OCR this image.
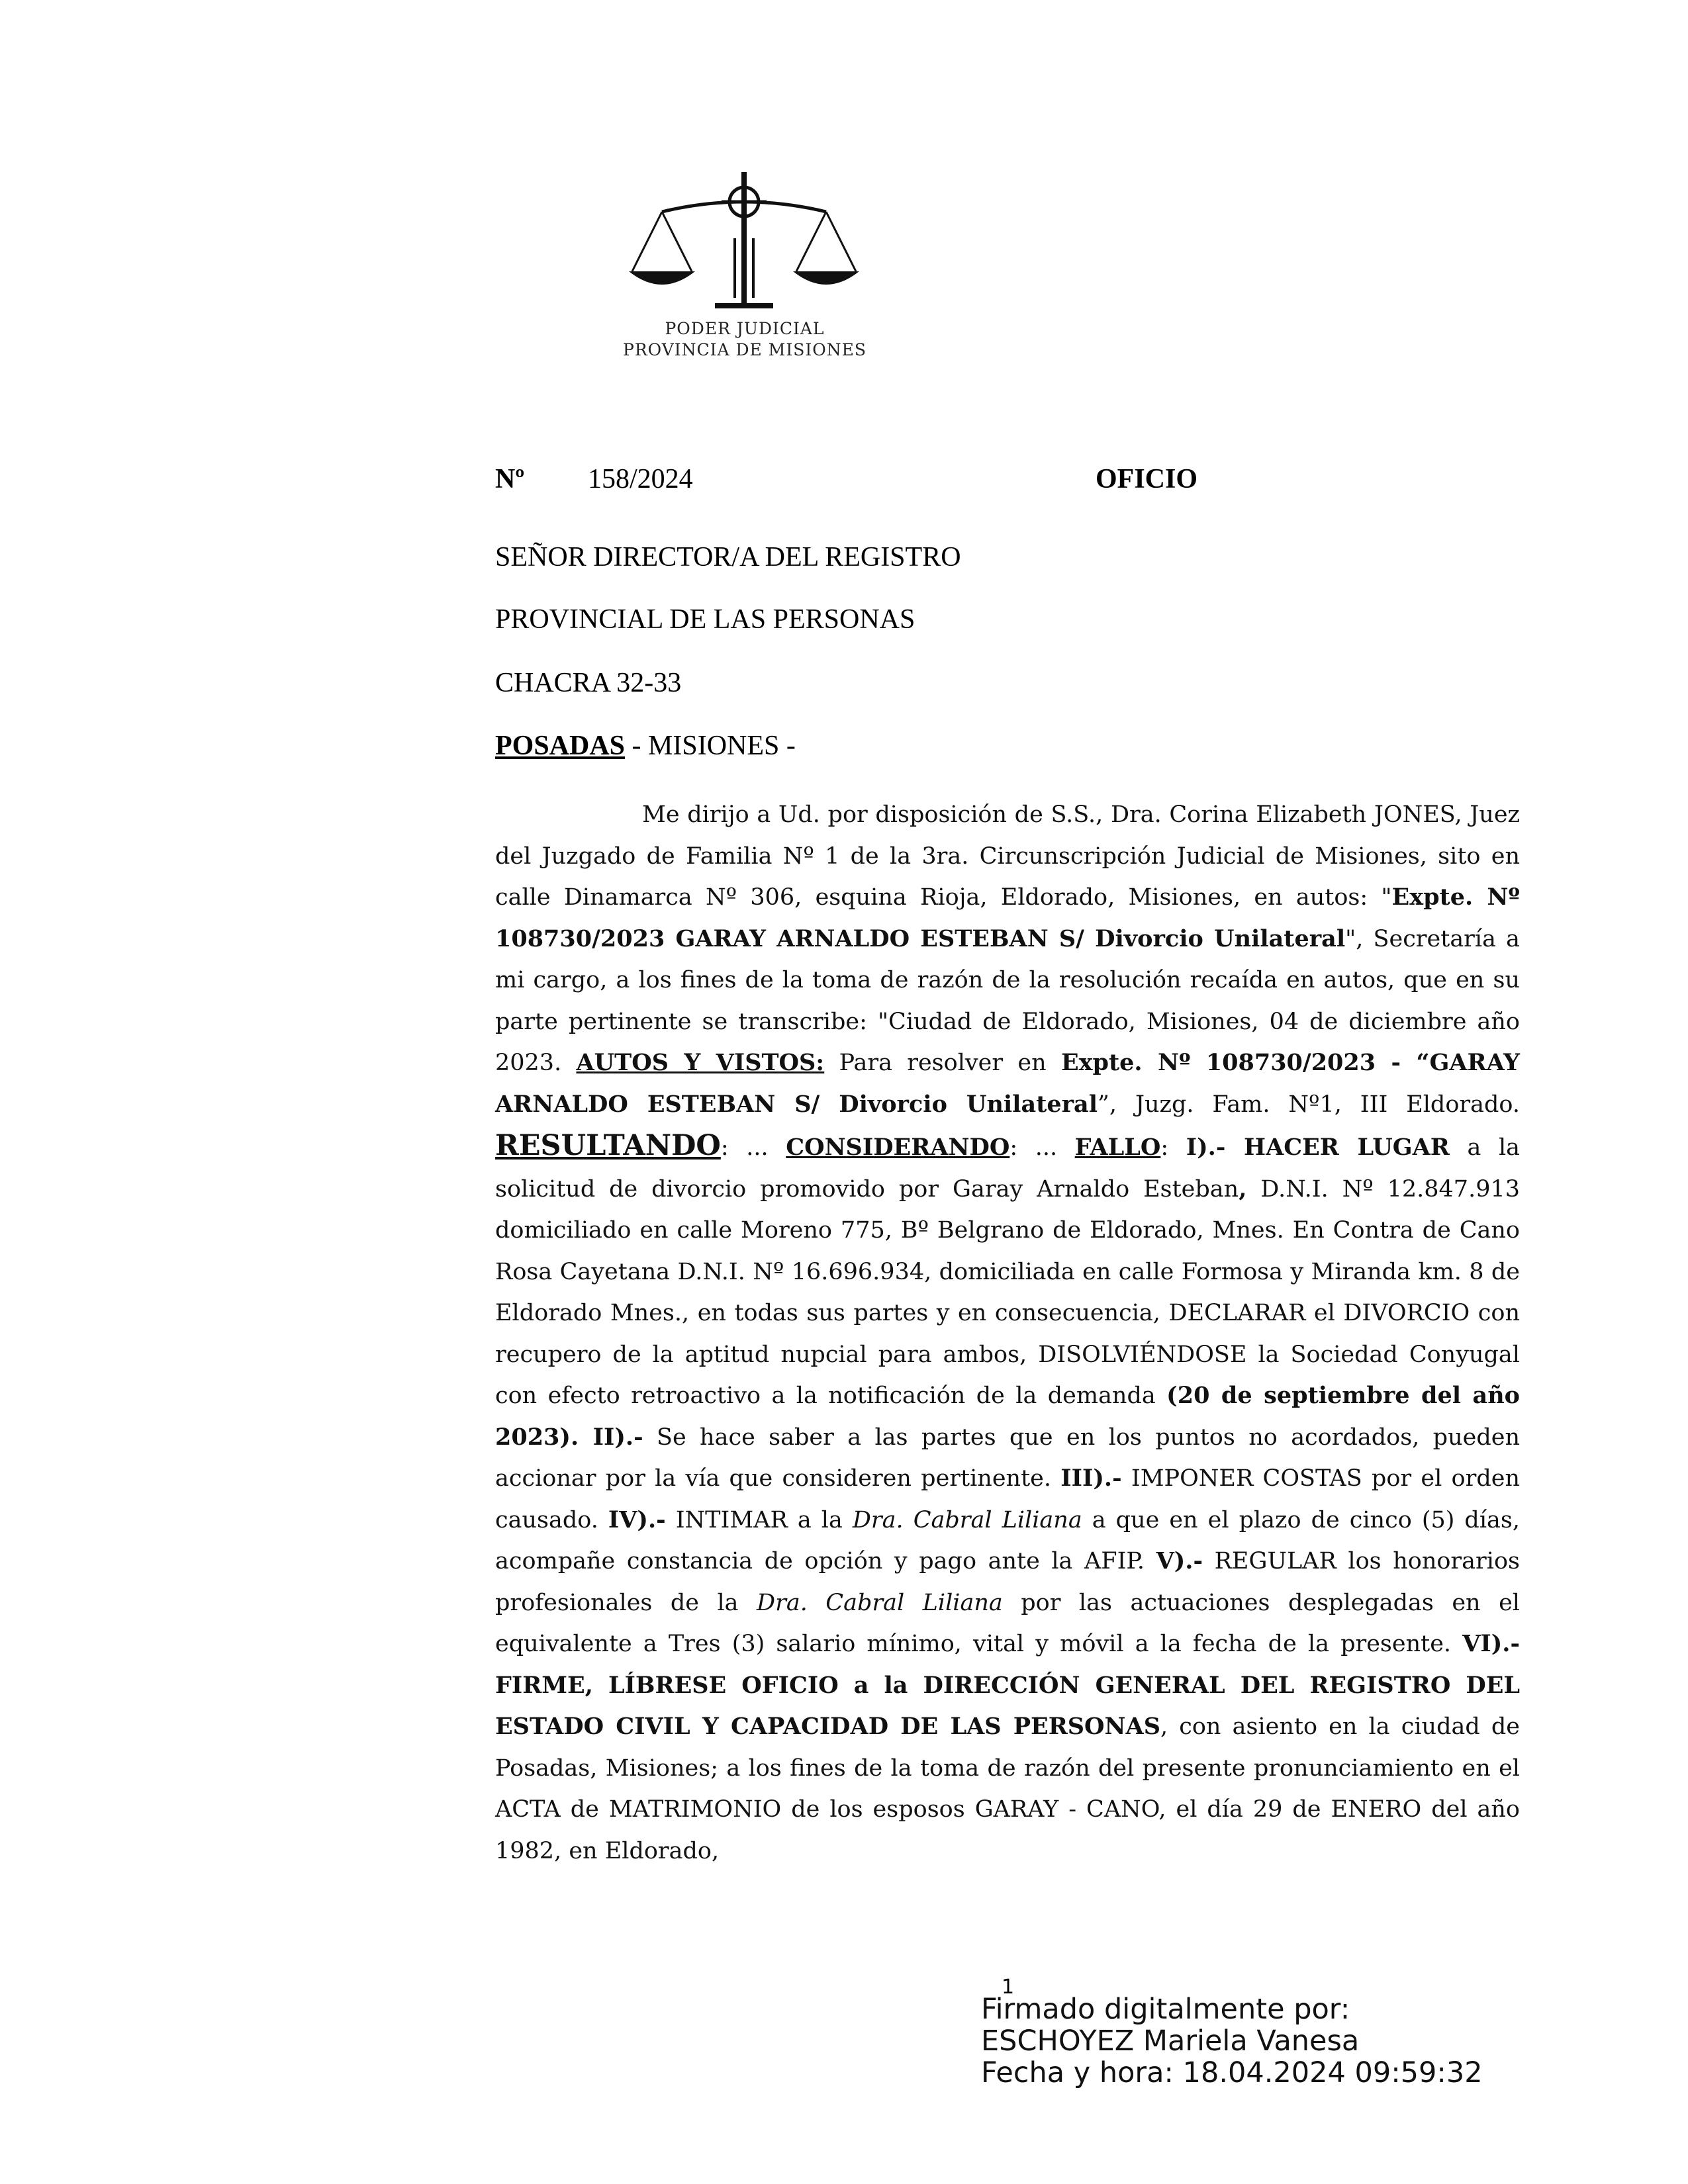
PODER JUDICIAL
PROVINCIA DE MISIONES
Nº 158/2024	OFICIO
SEÑOR DIRECTOR/A DEL REGISTRO
PROVINCIAL DE LAS PERSONAS
CHACRA 32-33
POSADAS - MISIONES -
Me dirijo a Ud. por disposición de S.S., Dra. Corina Elizabeth JONES, Juez del Juzgado de Familia Nº 1 de la 3ra. Circunscripción Judicial de Misiones, sito en calle Dinamarca Nº 306, esquina Rioja, Eldorado, Misiones, en autos: "Expte. Nº 108730/2023 GARAY ARNALDO ESTEBAN S/ Divorcio Unilateral", Secretaría a mi cargo, a los fines de la toma de razón de la resolución recaída en autos, que en su parte pertinente se transcribe: "Ciudad de Eldorado, Misiones, 04 de diciembre año 2023. AUTOS Y VISTOS: Para resolver en Expte. Nº 108730/2023 - “GARAY ARNALDO ESTEBAN S/ Divorcio Unilateral”, Juzg. Fam. Nº1, III Eldorado. RESULTANDO: ... CONSIDERANDO: ... FALLO: I).- HACER LUGAR a la solicitud de divorcio promovido por Garay Arnaldo Esteban, D.N.I. Nº 12.847.913 domiciliado en calle Moreno 775, Bº Belgrano de Eldorado, Mnes. En Contra de Cano Rosa Cayetana D.N.I. Nº 16.696.934, domiciliada en calle Formosa y Miranda km. 8 de Eldorado Mnes., en todas sus partes y en consecuencia, DECLARAR el DIVORCIO con recupero de la aptitud nupcial para ambos, DISOLVIÉNDOSE la Sociedad Conyugal con efecto retroactivo a la notificación de la demanda (20 de septiembre del año 2023). II).- Se hace saber a las partes que en los puntos no acordados, pueden accionar por la vía que consideren pertinente. III).- IMPONER COSTAS por el orden causado. IV).- INTIMAR a la Dra. Cabral Liliana a que en el plazo de cinco (5) días, acompañe constancia de opción y pago ante la AFIP. V).- REGULAR los honorarios profesionales de la Dra. Cabral Liliana por las actuaciones desplegadas en el equivalente a Tres (3) salario mínimo, vital y móvil a la fecha de la presente. VI).- FIRME, LÍBRESE OFICIO a la DIRECCIÓN GENERAL DEL REGISTRO DEL ESTADO CIVIL Y CAPACIDAD DE LAS PERSONAS, con asiento en la ciudad de Posadas, Misiones; a los fines de la toma de razón del presente pronunciamiento en el ACTA de MATRIMONIO de los esposos GARAY - CANO, el día 29 de ENERO del año 1982, en Eldorado,
1
Firmado digitalmente por:
ESCHOYEZ Mariela Vanesa
Fecha y hora: 18.04.2024 09:59:32
